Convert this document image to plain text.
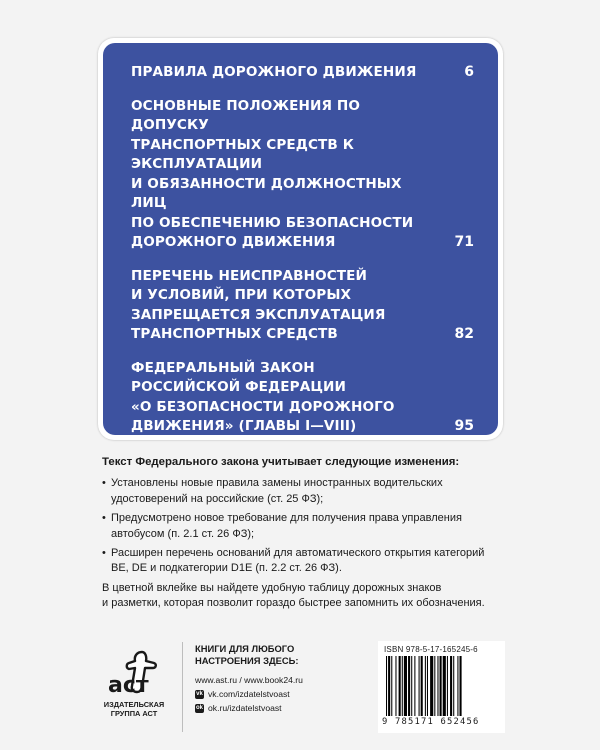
ПРАВИЛА ДОРОЖНОГО ДВИЖЕНИЯ	6
ОСНОВНЫЕ ПОЛОЖЕНИЯ ПО ДОПУСКУ
ТРАНСПОРТНЫХ СРЕДСТВ К ЭКСПЛУАТАЦИИ
И ОБЯЗАННОСТИ ДОЛЖНОСТНЫХ ЛИЦ
ПО ОБЕСПЕЧЕНИЮ БЕЗОПАСНОСТИ
ДОРОЖНОГО ДВИЖЕНИЯ	71
ПЕРЕЧЕНЬ НЕИСПРАВНОСТЕЙ
И УСЛОВИЙ, ПРИ КОТОРЫХ
ЗАПРЕЩАЕТСЯ ЭКСПЛУАТАЦИЯ
ТРАНСПОРТНЫХ СРЕДСТВ	82
ФЕДЕРАЛЬНЫЙ ЗАКОН
РОССИЙСКОЙ ФЕДЕРАЦИИ
«О БЕЗОПАСНОСТИ ДОРОЖНОГО
ДВИЖЕНИЯ» (ГЛАВЫ I—VIII)	95
Текст Федерального закона учитывает следующие изменения:
• Установлены новые правила замены иностранных водительских
удостоверений на российские (ст. 25 ФЗ);
• Предусмотрено новое требование для получения права управления
автобусом (п. 2.1 ст. 26 ФЗ);
• Расширен перечень оснований для автоматического открытия категорий
BE, DE и подкатегории D1E (п. 2.2 ст. 26 ФЗ).

В цветной вклейке вы найдете удобную таблицу дорожных знаков
и разметки, которая позволит гораздо быстрее запомнить их обозначения.

аст
ИЗДАТЕЛЬСКАЯ
ГРУППА АСТ
КНИГИ ДЛЯ ЛЮБОГО
НАСТРОЕНИЯ ЗДЕСЬ:
www.ast.ru / www.book24.ru
vk vk.com/izdatelstvoast
ok ok.ru/izdatelstvoast
ISBN 978-5-17-165245-6
9 785171 652456
